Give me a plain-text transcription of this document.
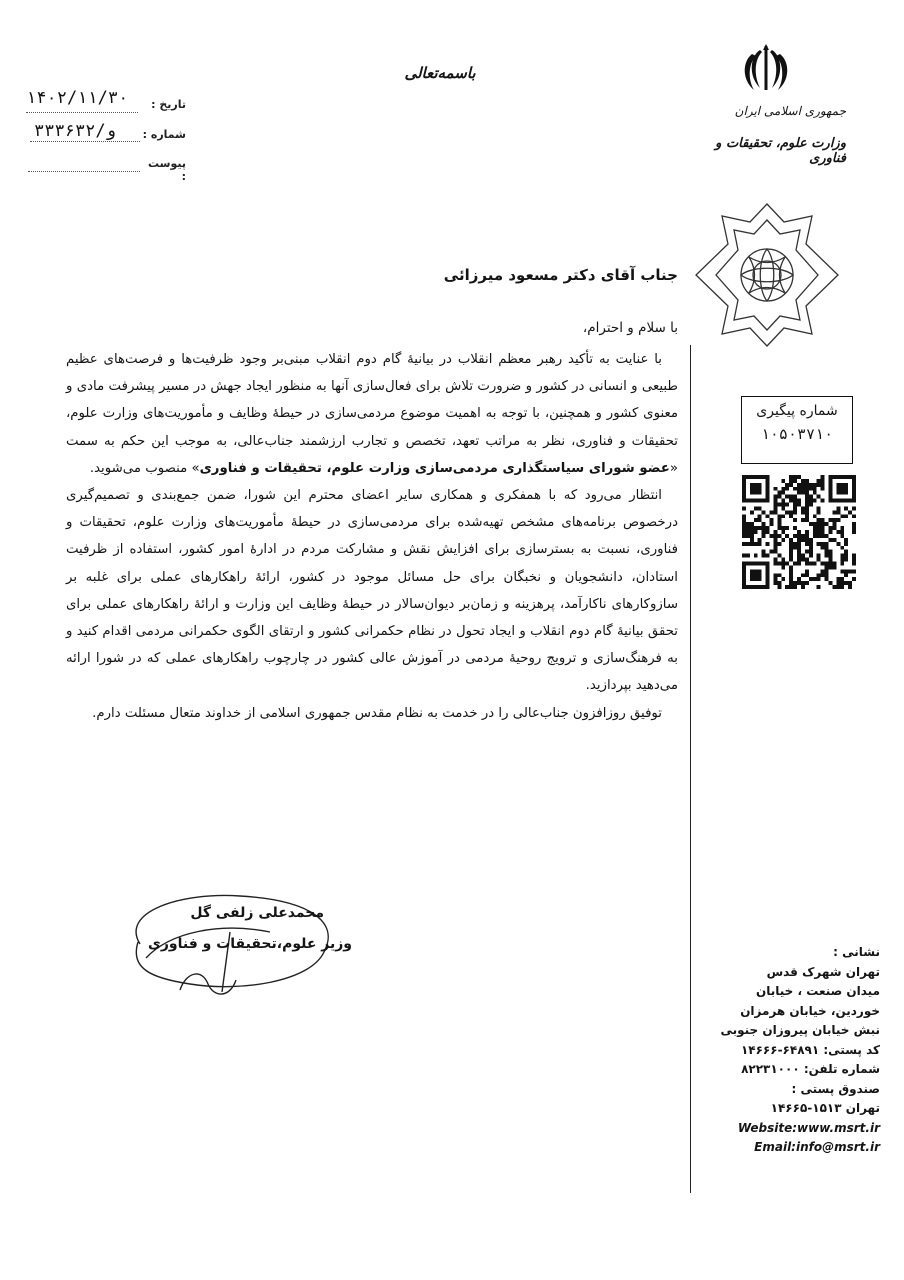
باسمه‌تعالی
۱۴۰۲/۱۱/۳۰	تاریخ :
۳۳۳۶۳۲/و	شماره :
پیوست :
جمهوری اسلامی ایران
وزارت علوم، تحقیقات و فناوری
جناب آقای دکتر مسعود میرزائی
با سلام و احترام،

با عنایت به تأکید رهبر معظم انقلاب در بیانیهٔ گام دوم انقلاب مبنی‌بر وجود ظرفیت‌ها و فرصت‌های عظیم طبیعی و انسانی در کشور و ضرورت تلاش برای فعال‌سازی آنها به منظور ایجاد جهش در مسیر پیشرفت مادی و معنوی کشور و همچنین، با توجه به اهمیت موضوع مردمی‌سازی در حیطهٔ وظایف و مأموریت‌های وزارت علوم، تحقیقات و فناوری، نظر به مراتب تعهد، تخصص و تجارب ارزشمند جناب‌عالی، به موجب این حکم به سمت «عضو شورای سیاستگذاری مردمی‌سازی وزارت علوم، تحقیقات و فناوری» منصوب می‌شوید.

انتظار می‌رود که با همفکری و همکاری سایر اعضای محترم این شورا، ضمن جمع‌بندی و تصمیم‌گیری درخصوص برنامه‌های مشخص تهیه‌شده برای مردمی‌سازی در حیطهٔ مأموریت‌های وزارت علوم، تحقیقات و فناوری، نسبت به بسترسازی برای افزایش نقش و مشارکت مردم در ادارهٔ امور کشور، استفاده از ظرفیت استادان، دانشجویان و نخبگان برای حل مسائل موجود در کشور، ارائهٔ راهکارهای عملی برای غلبه بر سازوکارهای ناکارآمد، پرهزینه و زمان‌بر دیوان‌سالار در حیطهٔ وظایف این وزارت و ارائهٔ راهکارهای عملی برای تحقق بیانیهٔ گام دوم انقلاب و ایجاد تحول در نظام حکمرانی کشور و ارتقای الگوی حکمرانی مردمی اقدام کنید و به فرهنگ‌سازی و ترویج روحیهٔ مردمی در آموزش عالی کشور در چارچوب راهکارهای عملی که در شورا ارائه می‌دهید بپردازید.

توفیق روزافزون جناب‌عالی را در خدمت به نظام مقدس جمهوری اسلامی از خداوند متعال مسئلت دارم.

شماره پیگیری
۱۰۵۰۳۷۱۰
محمدعلی زلفی گل
وزیر علوم،تحقیقات و فناوری	نشانی :
تهران شهرک قدس
میدان صنعت ، خیابان
خوردین، خیابان هرمزان
نبش خیابان پیروزان جنوبی
کد پستی: ۶۴۸۹۱-۱۴۶۶۶
شماره تلفن: ۸۲۲۳۱۰۰۰
صندوق پستی :
تهران ۱۵۱۳-۱۴۶۶۵
Website:www.msrt.ir
Email:info@msrt.ir
